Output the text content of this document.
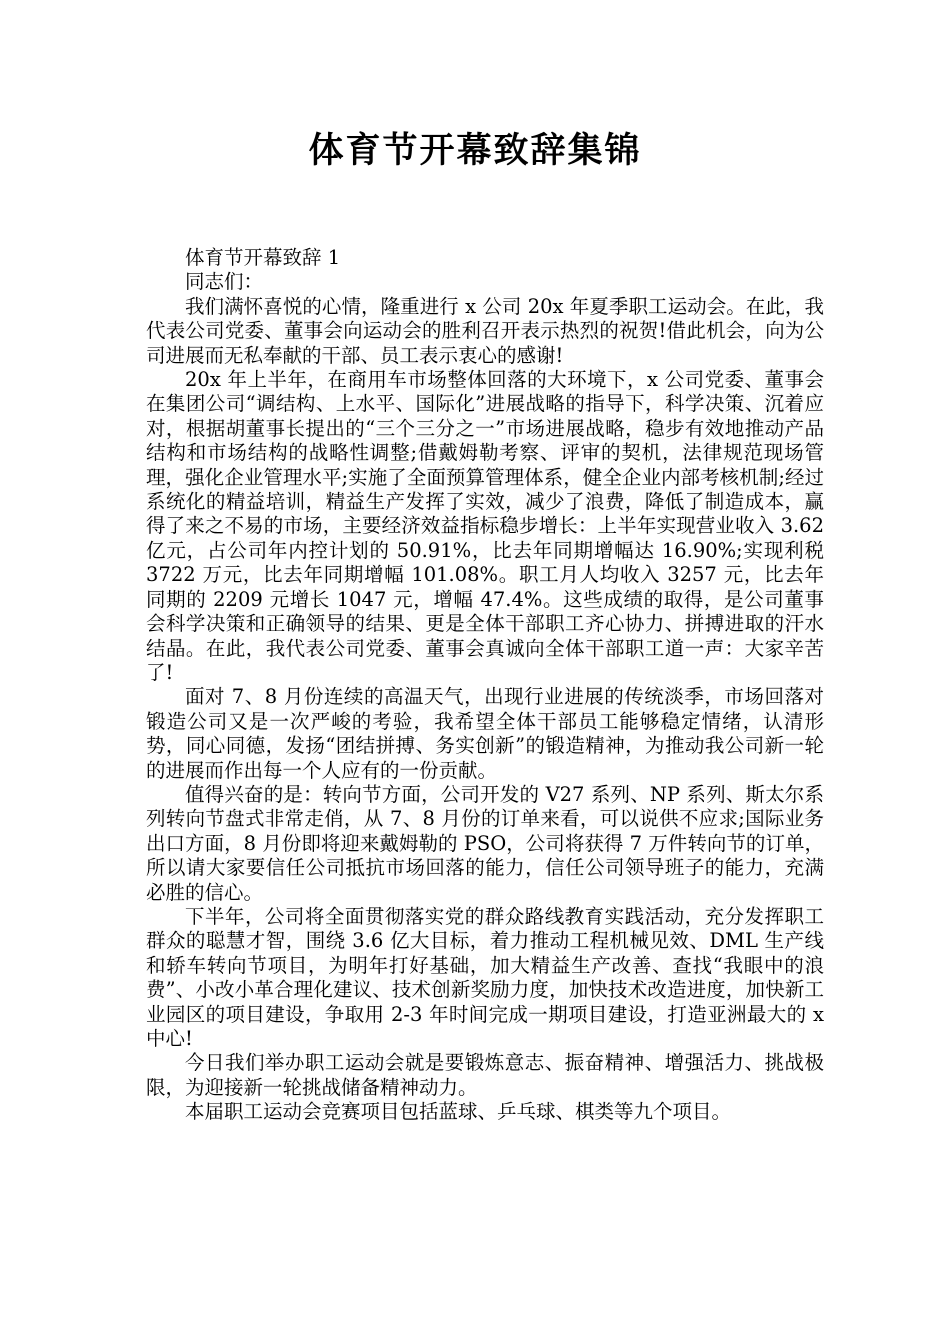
体育节开幕致辞集锦

体育节开幕致辞 1

同志们：

我们满怀喜悦的心情，隆重进行 x 公司 20x 年夏季职工运动会。在此，我代表公司党委、董事会向运动会的胜利召开表示热烈的祝贺!借此机会，向为公司进展而无私奉献的干部、员工表示衷心的感谢!

20x 年上半年，在商用车市场整体回落的大环境下，x 公司党委、董事会在集团公司“调结构、上水平、国际化”进展战略的指导下，科学决策、沉着应对，根据胡董事长提出的“三个三分之一”市场进展战略，稳步有效地推动产品结构和市场结构的战略性调整;借戴姆勒考察、评审的契机，法律规范现场管理，强化企业管理水平;实施了全面预算管理体系，健全企业内部考核机制;经过系统化的精益培训，精益生产发挥了实效，减少了浪费，降低了制造成本，赢得了来之不易的市场，主要经济效益指标稳步增长：上半年实现营业收入 3.62 亿元，占公司年内控计划的 50.91%，比去年同期增幅达 16.90%;实现利税 3722 万元，比去年同期增幅 101.08%。职工月人均收入 3257 元，比去年同期的 2209 元增长 1047 元，增幅 47.4%。这些成绩的取得，是公司董事会科学决策和正确领导的结果、更是全体干部职工齐心协力、拼搏进取的汗水结晶。在此，我代表公司党委、董事会真诚向全体干部职工道一声：大家辛苦了!

面对 7、8 月份连续的高温天气，出现行业进展的传统淡季，市场回落对锻造公司又是一次严峻的考验，我希望全体干部员工能够稳定情绪，认清形势，同心同德，发扬“团结拼搏、务实创新”的锻造精神，为推动我公司新一轮的进展而作出每一个人应有的一份贡献。

值得兴奋的是：转向节方面，公司开发的 V27 系列、NP 系列、斯太尔系列转向节盘式非常走俏，从 7、8 月份的订单来看，可以说供不应求;国际业务出口方面，8 月份即将迎来戴姆勒的 PSO，公司将获得 7 万件转向节的订单，所以请大家要信任公司抵抗市场回落的能力，信任公司领导班子的能力，充满必胜的信心。

下半年，公司将全面贯彻落实党的群众路线教育实践活动，充分发挥职工群众的聪慧才智，围绕 3.6 亿大目标，着力推动工程机械见效、DML 生产线和轿车转向节项目，为明年打好基础，加大精益生产改善、查找“我眼中的浪费”、小改小革合理化建议、技术创新奖励力度，加快技术改造进度，加快新工业园区的项目建设，争取用 2-3 年时间完成一期项目建设，打造亚洲最大的 x 中心!

今日我们举办职工运动会就是要锻炼意志、振奋精神、增强活力、挑战极限，为迎接新一轮挑战储备精神动力。

本届职工运动会竞赛项目包括蓝球、乒乓球、棋类等九个项目。
